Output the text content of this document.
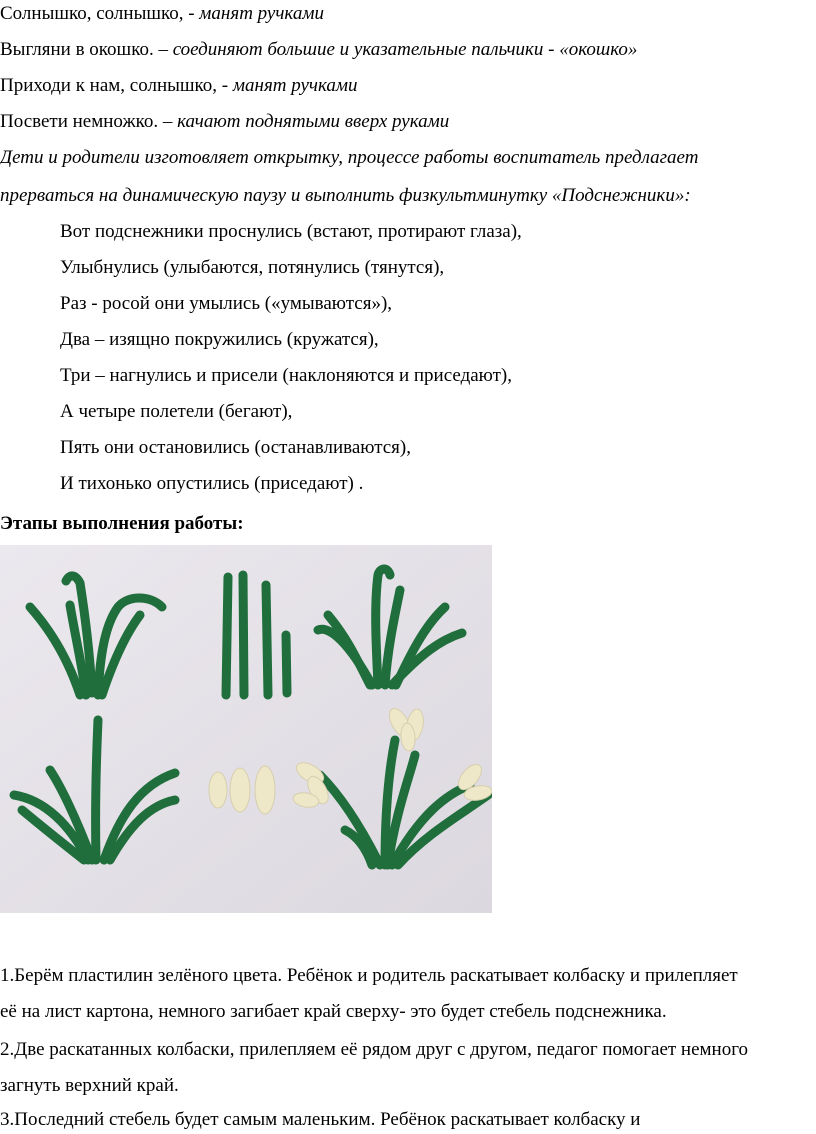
Солнышко, солнышко, - манят ручками
Выгляни в окошко. – соединяют большие и указательные пальчики - «окошко»
Приходи к нам, солнышко, - манят ручками
Посвети немножко. – качают поднятыми вверх руками
Дети и родители изготовляет открытку, процессе работы воспитатель предлагает
прерваться на динамическую паузу и выполнить физкультминутку «Подснежники»:
Вот подснежники проснулись (встают, протирают глаза),
Улыбнулись (улыбаются, потянулись (тянутся),
Раз - росой они умылись («умываются»),
Два – изящно покружились (кружатся),
Три – нагнулись и присели (наклоняются и приседают),
А четыре полетели (бегают),
Пять они остановились (останавливаются),
И тихонько опустились (приседают) .
Этапы выполнения работы:
1.Берём пластилин зелёного цвета. Ребёнок и родитель раскатывает колбаску и прилепляет
её на лист картона, немного загибает край сверху- это будет стебель подснежника.
2.Две раскатанных колбаски, прилепляем её рядом друг с другом, педагог помогает немного
загнуть верхний край.
3.Последний стебель будет самым маленьким. Ребёнок раскатывает колбаску и
